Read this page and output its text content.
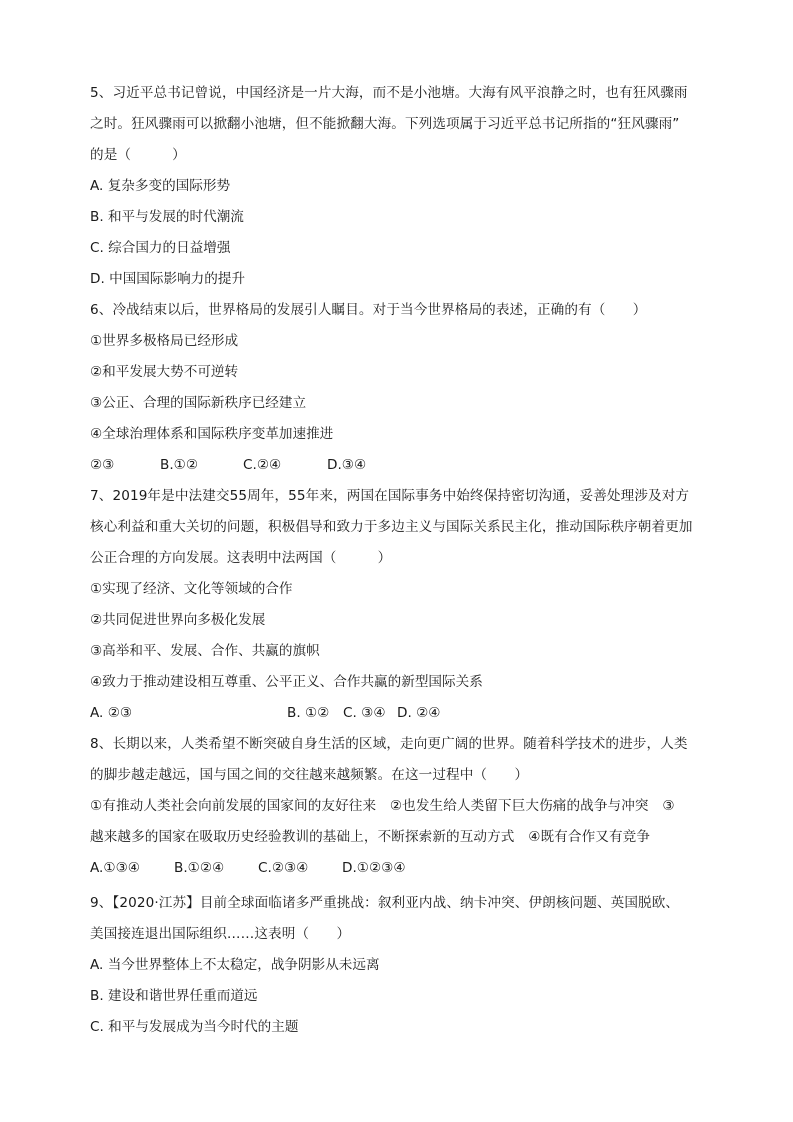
5、习近平总书记曾说，中国经济是一片大海，而不是小池塘。大海有风平浪静之时，也有狂风骤雨
之时。狂风骤雨可以掀翻小池塘，但不能掀翻大海。下列选项属于习近平总书记所指的“狂风骤雨”
的是（　　　）
A. 复杂多变的国际形势
B. 和平与发展的时代潮流
C. 综合国力的日益增强
D. 中国国际影响力的提升
6、冷战结束以后，世界格局的发展引人瞩目。对于当今世界格局的表述，正确的有（　　）
①世界多极格局已经形成
②和平发展大势不可逆转
③公正、合理的国际新秩序已经建立
④全球治理体系和国际秩序变革加速推进
②③	B.①②	C.②④	D.③④
7、2019年是中法建交55周年，55年来，两国在国际事务中始终保持密切沟通，妥善处理涉及对方
核心利益和重大关切的问题，积极倡导和致力于多边主义与国际关系民主化，推动国际秩序朝着更加
公正合理的方向发展。这表明中法两国（　　　）
①实现了经济、文化等领域的合作
②共同促进世界向多极化发展
③高举和平、发展、合作、共赢的旗帜
④致力于推动建设相互尊重、公平正义、合作共赢的新型国际关系
A. ②③	B. ①② C. ③④ D. ②④
8、长期以来，人类希望不断突破自身生活的区域，走向更广阔的世界。随着科学技术的进步，人类
的脚步越走越远，国与国之间的交往越来越频繁。在这一过程中（　　）
①有推动人类社会向前发展的国家间的友好往来　②也发生给人类留下巨大伤痛的战争与冲突　③
越来越多的国家在吸取历史经验教训的基础上，不断探索新的互动方式　④既有合作又有竞争
A.①③④	B.①②④ C.②③④ D.①②③④
9、【2020·江苏】目前全球面临诸多严重挑战：叙利亚内战、纳卡冲突、伊朗核问题、英国脱欧、
美国接连退出国际组织……这表明（　　）
A. 当今世界整体上不太稳定，战争阴影从未远离
B. 建设和谐世界任重而道远
C. 和平与发展成为当今时代的主题
